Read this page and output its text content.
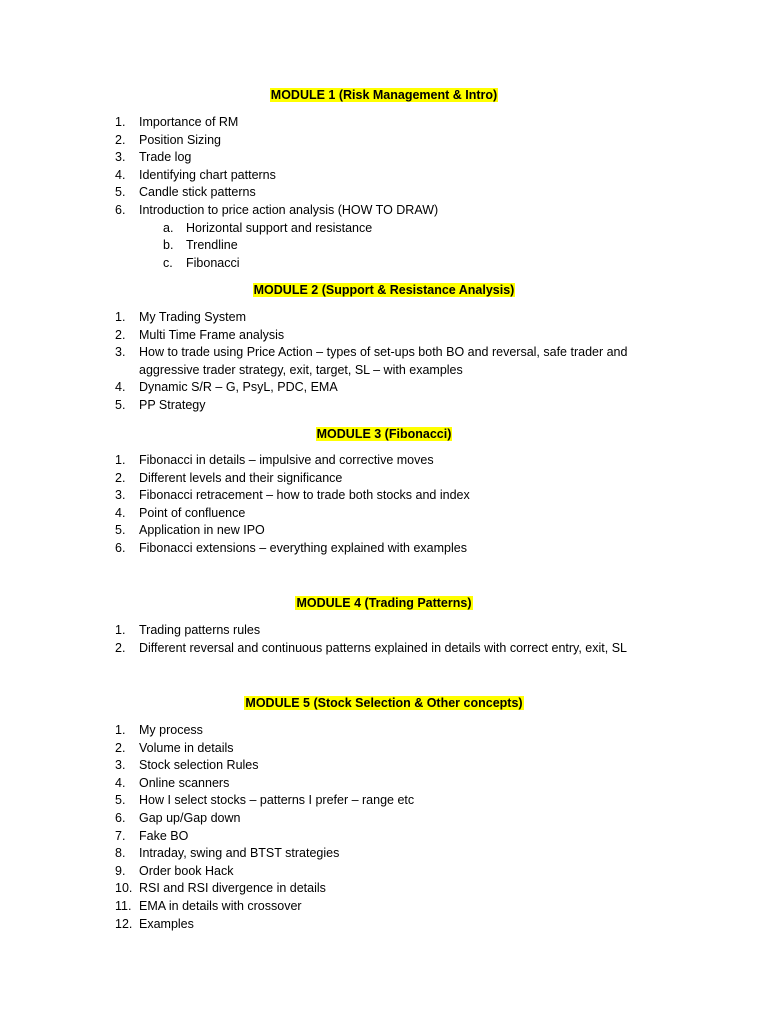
MODULE 1 (Risk Management & Intro)
1. Importance of RM
2. Position Sizing
3. Trade log
4. Identifying chart patterns
5. Candle stick patterns
6. Introduction to price action analysis (HOW TO DRAW)
a. Horizontal support and resistance
b. Trendline
c. Fibonacci
MODULE 2 (Support & Resistance Analysis)
1. My Trading System
2. Multi Time Frame analysis
3. How to trade using Price Action – types of set-ups both BO and reversal, safe trader and
aggressive trader strategy, exit, target, SL – with examples
4. Dynamic S/R – G, PsyL, PDC, EMA
5. PP Strategy
MODULE 3 (Fibonacci)
1. Fibonacci in details – impulsive and corrective moves
2. Different levels and their significance
3. Fibonacci retracement – how to trade both stocks and index
4. Point of confluence
5. Application in new IPO
6. Fibonacci extensions – everything explained with examples
MODULE 4 (Trading Patterns)
1. Trading patterns rules
2. Different reversal and continuous patterns explained in details with correct entry, exit, SL
MODULE 5 (Stock Selection & Other concepts)
1. My process
2. Volume in details
3. Stock selection Rules
4. Online scanners
5. How I select stocks – patterns I prefer – range etc
6. Gap up/Gap down
7. Fake BO
8. Intraday, swing and BTST strategies
9. Order book Hack
10. RSI and RSI divergence in details
11. EMA in details with crossover
12. Examples
